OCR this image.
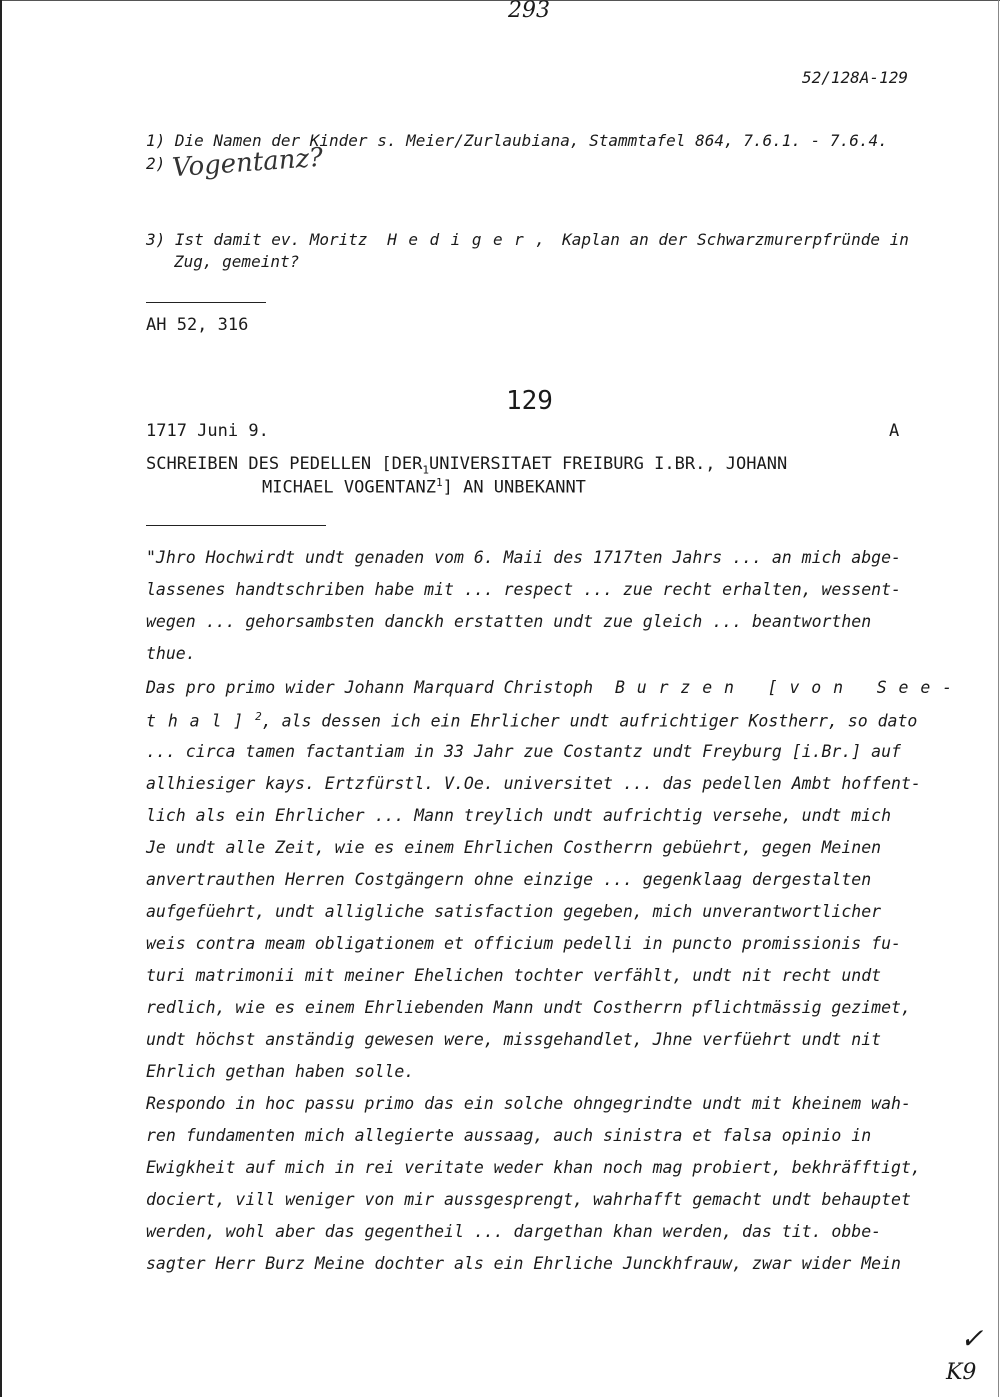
293
52/128A-129
1) Die Namen der Kinder s. Meier/Zurlaubiana, Stammtafel 864, 7.6.1. - 7.6.4.
2) Vogentanz?
3) Ist damit ev. Moritz Hediger, Kaplan an der Schwarzmurerpfründe in
Zug, gemeint?
AH 52, 316
129
1717 Juni 9.	A
SCHREIBEN DES PEDELLEN [$DER_1UNIVERSITAET$ FREIBURG I.BR., JOHANN
MICHAEL VOGENTANZ$^1$] AN UNBEKANNT
"Jhro Hochwirdt undt genaden vom 6. Maii des 1717ten Jahrs ... an mich abge-
lassenes handtschriben habe mit ... respect ... zue recht erhalten, wessent-
wegen ... gehorsambsten danckh erstatten undt zue gleich ... beantworthen
thue.
Das pro primo wider Johann Marquard Christoph Burzen [von See-
thal]$^2$, als dessen ich ein Ehrlicher undt aufrichtiger Kostherr, so dato
... circa tamen factantiam in 33 Jahr zue Costantz undt Freyburg [i.Br.] auf
allhiesiger kays. Ertzfürstl. V.Oe. universitet ... das pedellen Ambt hoffent-
lich als ein Ehrlicher ... Mann treylich undt aufrichtig versehe, undt mich
Je undt alle Zeit, wie es einem Ehrlichen Costherrn gebüehrt, gegen Meinen
anvertrauthen Herren Costgängern ohne einzige ... gegenklaag dergestalten
aufgefüehrt, undt alligliche satisfaction gegeben, mich unverantwortlicher
weis contra meam obligationem et officium pedelli in puncto promissionis fu-
turi matrimonii mit meiner Ehelichen tochter verfählt, undt nit recht undt
redlich, wie es einem Ehrliebenden Mann undt Costherrn pflichtmässig gezimet,
undt höchst anständig gewesen were, missgehandlet, Jhne verfüehrt undt nit
Ehrlich gethan haben solle.
Respondo in hoc passu primo das ein solche ohngegrindte undt mit kheinem wah-
ren fundamenten mich allegierte aussaag, auch sinistra et falsa opinio in
Ewigkheit auf mich in rei veritate weder khan noch mag probiert, bekhräfftigt,
dociert, vill weniger von mir aussgesprengt, wahrhafft gemacht undt behauptet
werden, wohl aber das gegentheil ... dargethan khan werden, das tit. obbe-
sagter Herr Burz Meine dochter als ein Ehrliche Junckhfrauw, zwar wider Mein
✓
K9
